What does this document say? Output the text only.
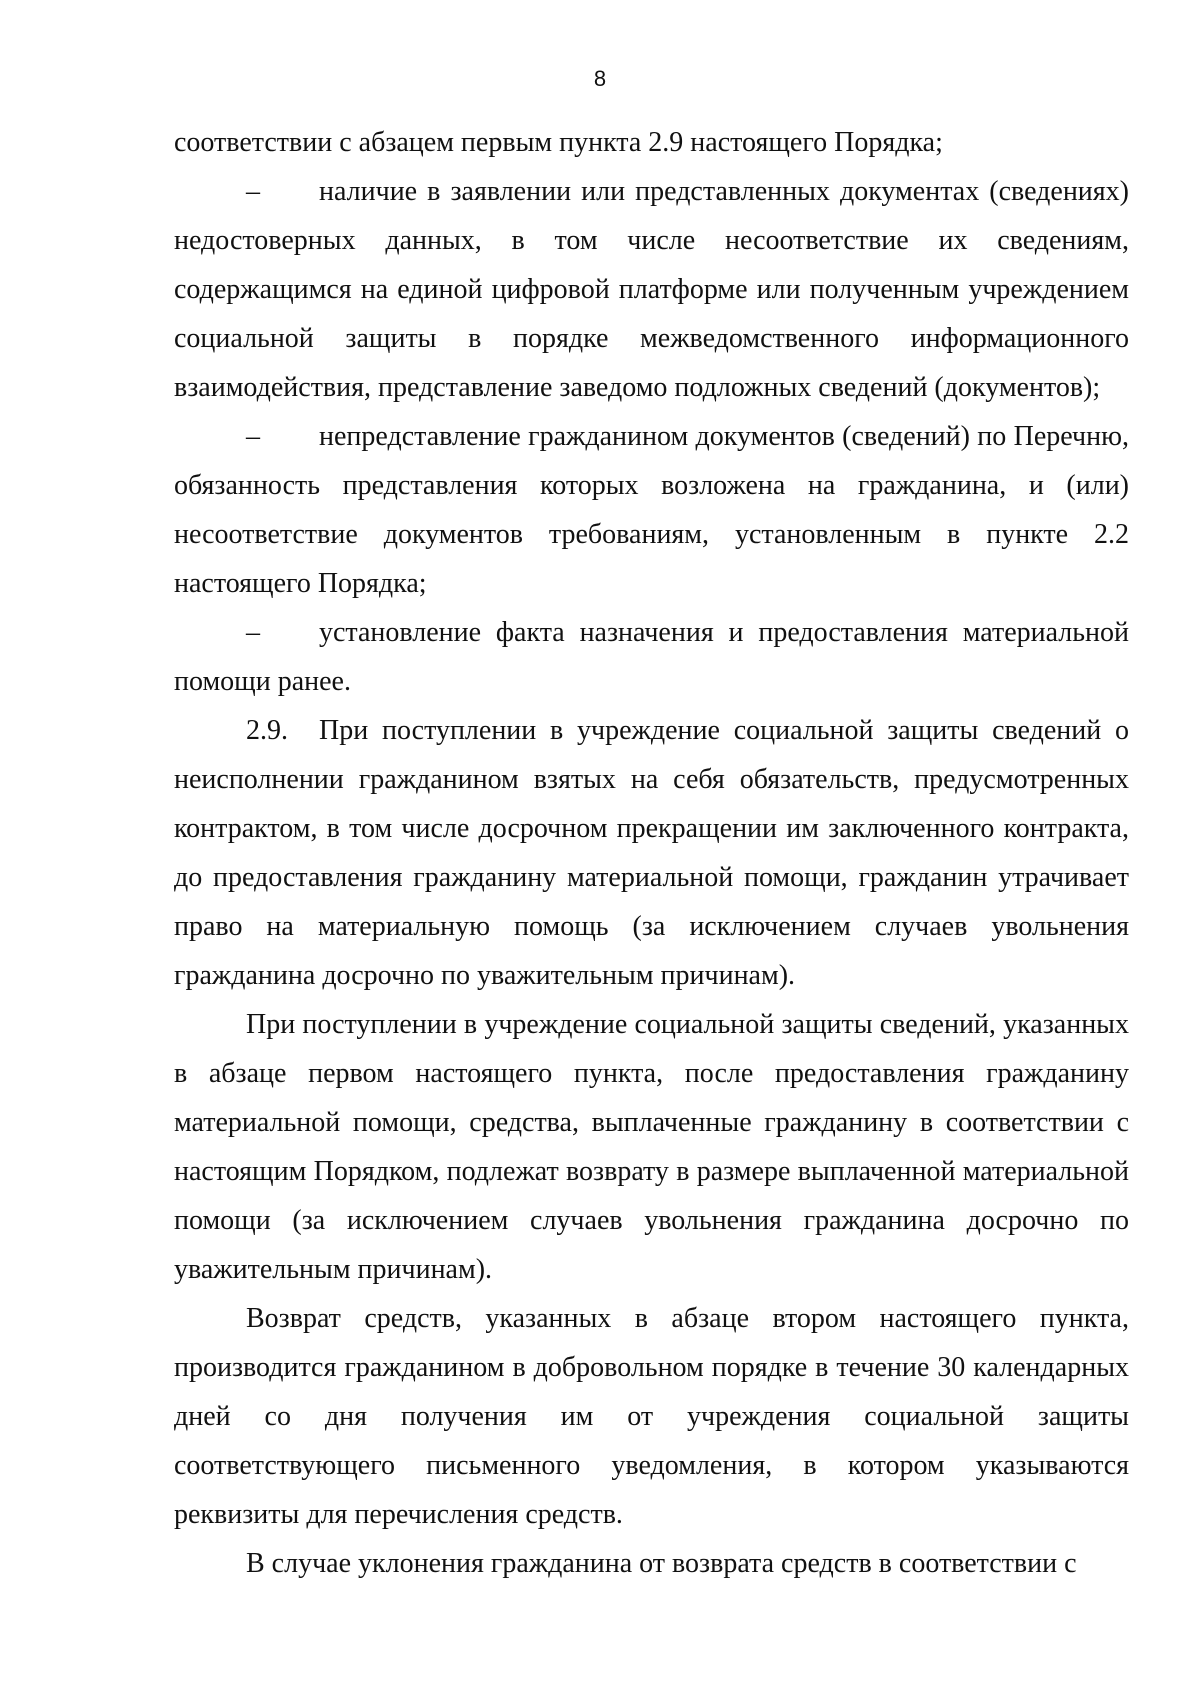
8

соответствии с абзацем первым пункта 2.9 настоящего Порядка;

– наличие в заявлении или представленных документах (сведениях) недостоверных данных, в том числе несоответствие их сведениям, содержащимся на единой цифровой платформе или полученным учреждением социальной защиты в порядке межведомственного информационного взаимодействия, представление заведомо подложных сведений (документов);

– непредставление гражданином документов (сведений) по Перечню, обязанность представления которых возложена на гражданина, и (или) несоответствие документов требованиям, установленным в пункте 2.2 настоящего Порядка;

– установление факта назначения и предоставления материальной помощи ранее.

2.9. При поступлении в учреждение социальной защиты сведений о неисполнении гражданином взятых на себя обязательств, предусмотренных контрактом, в том числе досрочном прекращении им заключенного контракта, до предоставления гражданину материальной помощи, гражданин утрачивает право на материальную помощь (за исключением случаев увольнения гражданина досрочно по уважительным причинам).

При поступлении в учреждение социальной защиты сведений, указанных в абзаце первом настоящего пункта, после предоставления гражданину материальной помощи, средства, выплаченные гражданину в соответствии с настоящим Порядком, подлежат возврату в размере выплаченной материальной помощи (за исключением случаев увольнения гражданина досрочно по уважительным причинам).

Возврат средств, указанных в абзаце втором настоящего пункта, производится гражданином в добровольном порядке в течение 30 календарных дней со дня получения им от учреждения социальной защиты соответствующего письменного уведомления, в котором указываются реквизиты для перечисления средств.

В случае уклонения гражданина от возврата средств в соответствии с
